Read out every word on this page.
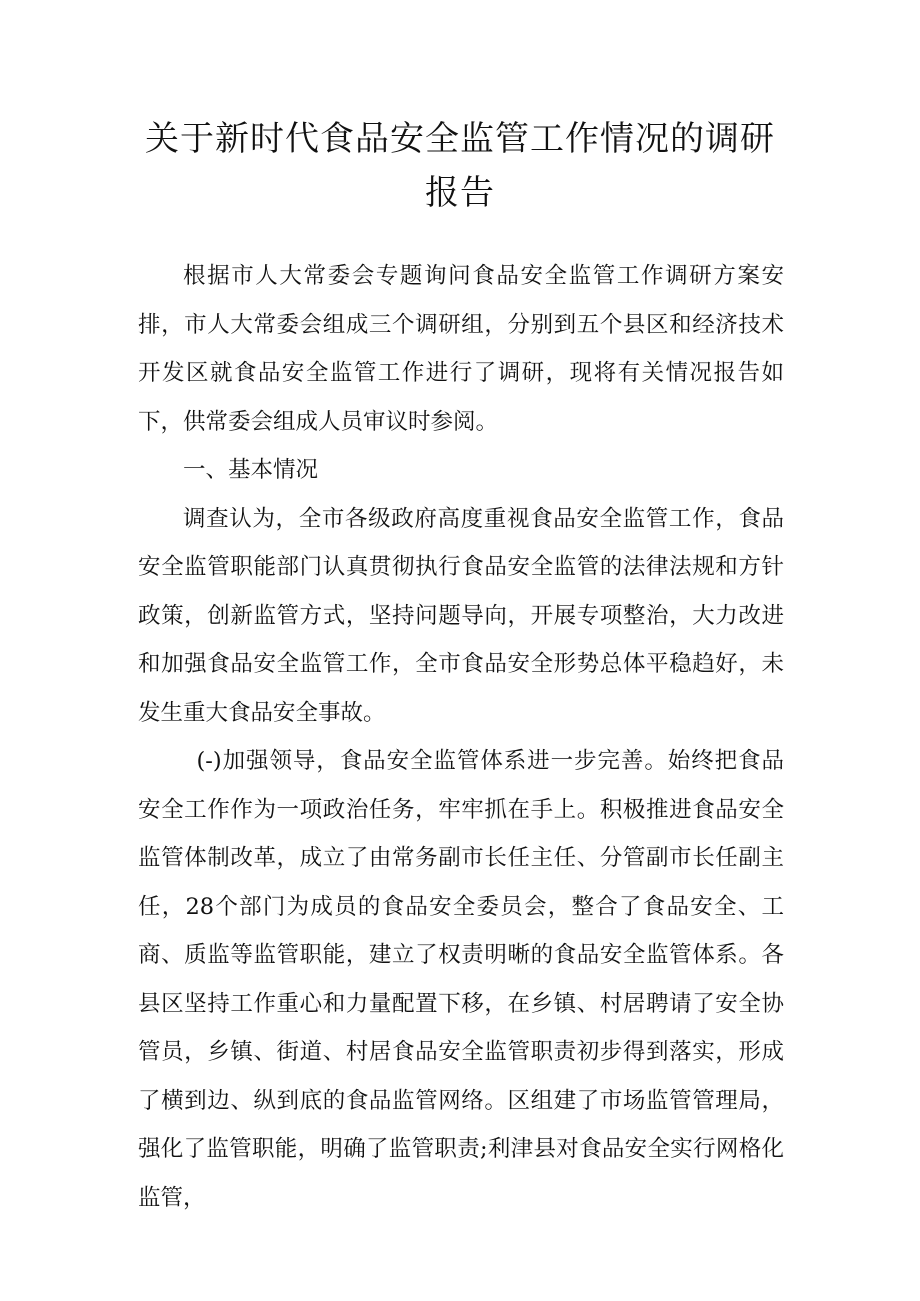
关于新时代食品安全监管工作情况的调研
报告

根据市人大常委会专题询问食品安全监管工作调研方案安排，市人大常委会组成三个调研组，分别到五个县区和经济技术开发区就食品安全监管工作进行了调研，现将有关情况报告如下，供常委会组成人员审议时参阅。

一、基本情况

调查认为，全市各级政府高度重视食品安全监管工作，食品安全监管职能部门认真贯彻执行食品安全监管的法律法规和方针政策，创新监管方式，坚持问题导向，开展专项整治，大力改进和加强食品安全监管工作，全市食品安全形势总体平稳趋好，未发生重大食品安全事故。

(-)加强领导，食品安全监管体系进一步完善。始终把食品安全工作作为一项政治任务，牢牢抓在手上。积极推进食品安全监管体制改革，成立了由常务副市长任主任、分管副市长任副主任，28个部门为成员的食品安全委员会，整合了食品安全、工商、质监等监管职能，建立了权责明晰的食品安全监管体系。各县区坚持工作重心和力量配置下移，在乡镇、村居聘请了安全协管员，乡镇、街道、村居食品安全监管职责初步得到落实，形成了横到边、纵到底的食品监管网络。区组建了市场监管管理局，强化了监管职能，明确了监管职责;利津县对食品安全实行网格化监管，
